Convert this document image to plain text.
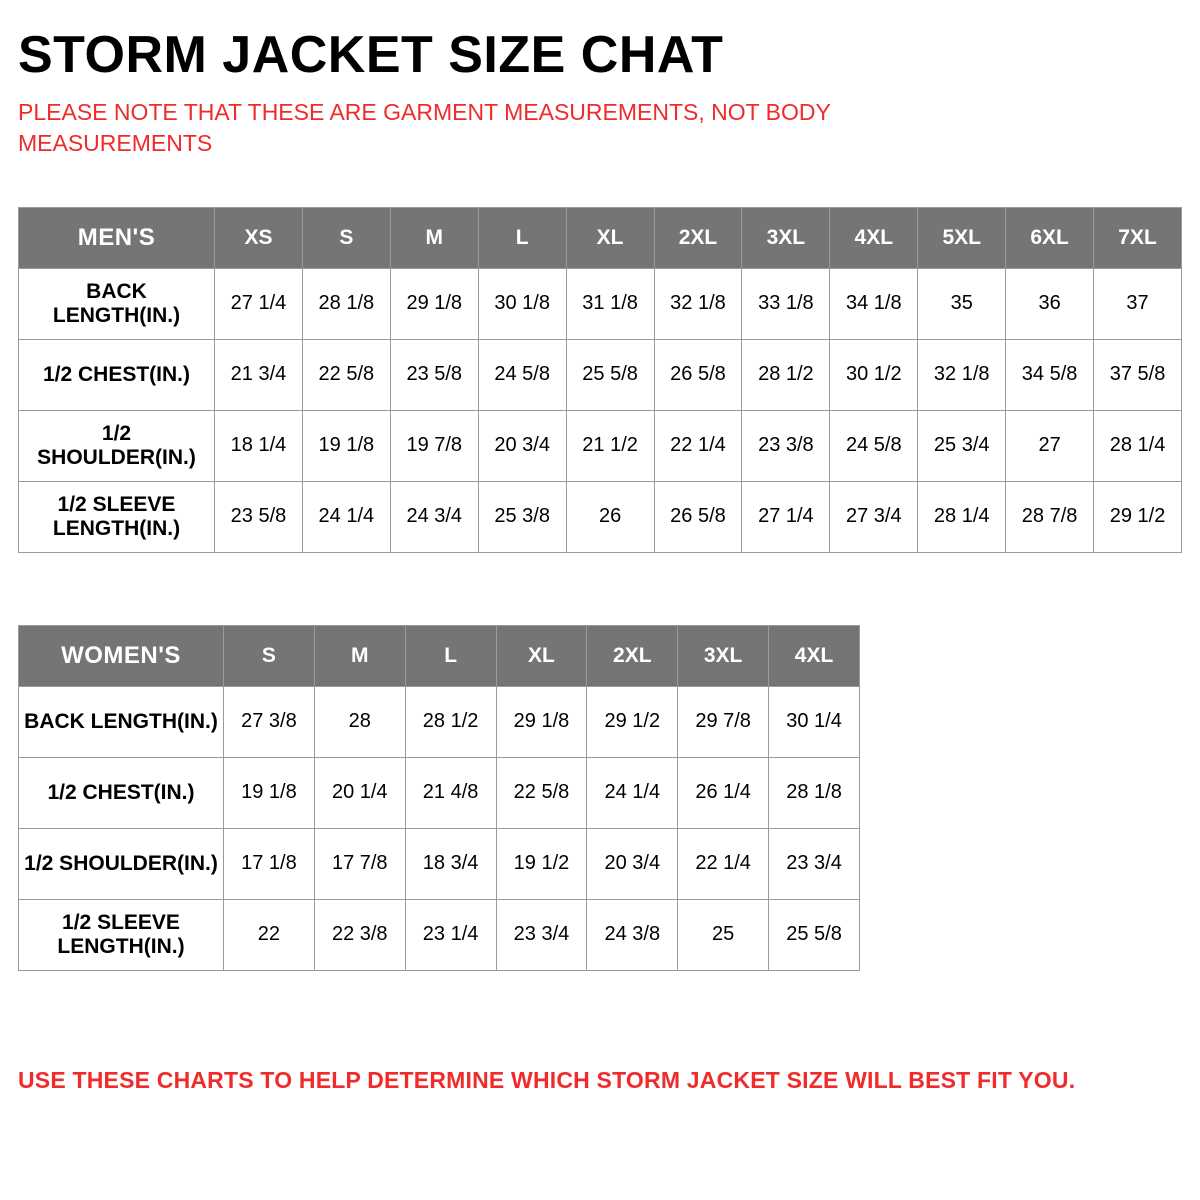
STORM JACKET SIZE CHAT

PLEASE NOTE THAT THESE ARE GARMENT MEASUREMENTS, NOT BODY MEASUREMENTS

MEN'S	XS	S	M	L	XL	2XL	3XL	4XL	5XL	6XL	7XL
BACK LENGTH(IN.)	27 1/4	28 1/8	29 1/8	30 1/8	31 1/8	32 1/8	33 1/8	34 1/8	35	36	37
1/2 CHEST(IN.)	21 3/4	22 5/8	23 5/8	24 5/8	25 5/8	26 5/8	28 1/2	30 1/2	32 1/8	34 5/8	37 5/8
1/2 SHOULDER(IN.)	18 1/4	19 1/8	19 7/8	20 3/4	21 1/2	22 1/4	23 3/8	24 5/8	25 3/4	27	28 1/4
1/2 SLEEVE LENGTH(IN.)	23 5/8	24 1/4	24 3/4	25 3/8	26	26 5/8	27 1/4	27 3/4	28 1/4	28 7/8	29 1/2
WOMEN'S	S	M	L	XL	2XL	3XL	4XL
BACK LENGTH(IN.)	27 3/8	28	28 1/2	29 1/8	29 1/2	29 7/8	30 1/4
1/2 CHEST(IN.)	19 1/8	20 1/4	21 4/8	22 5/8	24 1/4	26 1/4	28 1/8
1/2 SHOULDER(IN.)	17 1/8	17 7/8	18 3/4	19 1/2	20 3/4	22 1/4	23 3/4
1/2 SLEEVE LENGTH(IN.)	22	22 3/8	23 1/4	23 3/4	24 3/8	25	25 5/8

USE THESE CHARTS TO HELP DETERMINE WHICH STORM JACKET SIZE WILL BEST FIT YOU.
